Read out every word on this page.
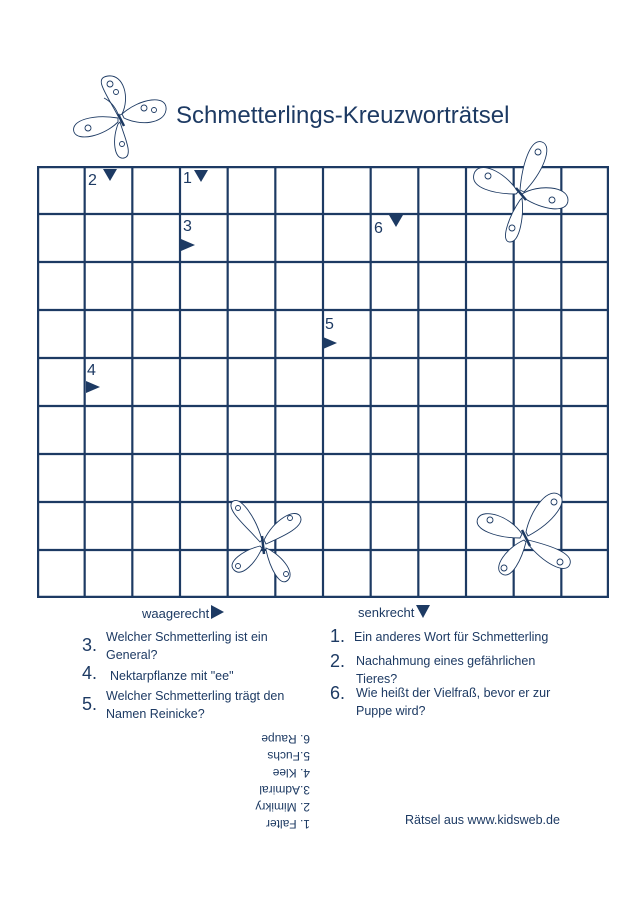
Schmetterlings-Kreuzworträtsel
2	1
3	6
5
4
waagerecht	senkrecht
3. Welcher Schmetterling ist ein General?
4. Nektarpflanze mit "ee"
5. Welcher Schmetterling trägt den Namen Reinicke?
1. Ein anderes Wort für Schmetterling
2. Nachahmung eines gefährlichen Tieres?
6. Wie heißt der Vielfraß, bevor er zur Puppe wird?
1. Falter
2. Mimikry
3.Admiral
4. Klee
5.Fuchs
6. Raupe
Rätsel aus www.kidsweb.de
